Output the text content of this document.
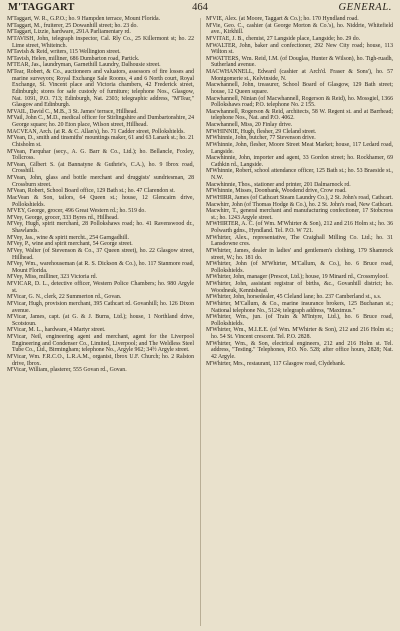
M'TAGGART	464	GENERAL.

M'Taggart, W. R., G.P.O.; ho. 9 Hampden terrace, Mount Florida.

M'Taggart, M., fruiterer, 25 Dowanhill street; ho. 23 do.

M'Taggart, Lizzie, hardware, 291A Parliamentary rd.

M'TAVISH, John, telegraph inspector, Cal. Rly Co., 25 Killermont st; ho. 22 Lime street, Whiteinch.

M'Tavish & Reid, writers, 115 Wellington street.

M'Tavish, Helen, milliner, 686 Dumbarton road, Partick.

M'TEAR, Jas., laundryman, Garnethill Laundry, Dalhousie street.

M'Tear, Robert, & Co., auctioneers and valuators, assessors of fire losses and marine surveyors; Royal Exchange Sale Rooms, 4 and 6 North court, Royal Exchange, St. Vincent place and Victoria chambers, 42 Frederick street, Edinburgh; stores for safe custody of furniture; telephone Nos., Glasgow, Nat. 1091, P.O. 713; Edinburgh, Nat. 2303; telegraphic address, "M'Tear," Glasgow and Edinburgh.

M'VAIL, David C., M.B., 3 St. James' terrace, Hillhead.

M'Vail, John C., M.D., medical officer for Stirlingshire and Dumbartonshire, 24 George square; ho. 20 Eton place, Wilson street, Hillhead.

MACVEAN, Arch. (at R. & C. Allan's), ho. 71 Cadder street, Pollokshields.

M'Vean, D., smith and tinsmiths' mountings maker, 61 and 63 Lanark st.; ho. 21 Chisholm st.

M'Vean, Farquhar (secy., A. G. Barr & Co., Ltd.); ho. Bellancle, Foxley, Tollcross.

M'Vean, Gilbert S. (at Bannatyne & Guthrie's, C.A.), ho. 9 Ibrox road, Crosshill.

M'Vean, John, glass and bottle merchant and druggists' sundriesman, 28 Crossburn street.

M'Vean, Robert, School Board office, 129 Bath st.; ho. 47 Clarendon st.

MacVean & Son, tailors, 64 Queen st.; house, 12 Glencairn drive, Pollokshields.

M'VEY, George, grocer, 496 Great Western rd.; ho. 519 do.

M'Vey, George, grocer, 333 Byres rd., Hillhead.

M'Vey, Hugh, spirit merchant, 28 Pollokshaws road; ho. 41 Ravenswood dr., Shawlands.

M'Vey, Jas., wine & spirit mercht., 254 Garngadhill.

M'Vey, P., wine and spirit merchant, 54 George street.

M'Vey, Walter (of Stevenson & Co., 37 Queen street), ho. 22 Glasgow street, Hillhead.

M'Vey, Wm., warehouseman (at R. S. Dickson & Co.), ho. 117 Stanmore road, Mount Florida.

M'Vey, Miss, milliner, 323 Victoria rd.

M'VICAR, D. L., detective officer, Western Police Chambers; ho. 980 Argyle st.

M'Vicar, G. N., clerk, 22 Summerton rd., Govan.

M'Vicar, Hugh, provision merchant, 395 Cathcart rd. Govanhill; ho. 126 Dixon avenue.

M'Vicar, James, capt. (at G. & J. Burns, Ltd.); house, 1 Northland drive, Scotstoun.

M'Vicar, M. L., hardware, 4 Martyr street.

M'Vicar, Neil, engineering agent and merchant, agent for the Liverpool Engineering and Condenser Co., Limited, Liverpool; and The Weldless Steel Tube Co., Ltd., Birmingham; telephone No., Argyle 962; 34½ Argyle street.

M'Vicar, Wm. F.R.C.O., L.R.A.M., organist, Ibrox U.F. Church; ho. 2 Ralston drive, Ibrox.

M'Vicar, William, plasterer, 555 Govan rd., Govan.

M'VIE, Alex. (at Moore, Taggart & Co.); ho. 170 Hyndland road.

M'Vie, Geo. C., cashier (at George Morton & Co.'s), ho. Niddrie, Whitefield ave., Kirkhill.

M'VITAE, J. B., chemist, 27 Langside place, Langside; ho. 29 do.

M'WALTER, John, baker and confectioner, 292 New City road; house, 113 Wilton st.

M'WATTERS, Wm. Reid, I.M. (of Douglas, Hunter & Wilson), ho. Tigh-ruadh, Sutherland avenue.

MACWHANNELL, Edward (cashier at Arch'd. Fraser & Sons'), ho. 57 Montgomerie st., Kelvinside, N.

Macwhannell, John, treasurer, School Board of Glasgow, 129 Bath street; house, 12 Queen square.

Macwhannell, Ninian (of Macwhannell, Rogerson & Reid), ho. Mossgiel, 1366 Pollokshaws road; P.O. telephone No. 2 155.

Macwhannell, Rogerson & Reid, architects, 58 W. Regent st. and at Barrhead; telephone Nos., Nat. and P.O. 4062.

Macwhannell, Miss, 20 Finlay drive.

M'WHINNIE, Hugh, flesher, 29 Cleland street.

M'Whinnie, John, butcher, 77 Stevenson drive.

M'Whinnie, John, flesher, Moore Street Meat Market; house, 117 Ledard road, Langside.

Macwhinnie, John, importer and agent, 33 Gordon street; ho. Rockhamer, 69 Cathkin rd., Langside.

M'Whinnie, Robert, school attendance officer, 125 Bath st.; ho. 53 Braeside st., N.W.

Macwhinnie, Thos., stationer and printer, 201 Dalmarnock rd.

M'Whinnie, Misses, Doonbank, Woodend drive, Crow road.

M'WHIRR, James (of Cathcart Steam Laundry Co.), 2 St. John's road, Cathcart.

Macwhirr, John (of Thomas Hodge & Co.), ho. 2 St. John's road, New Cathcart.

Macwhirr, T., general merchant and manufacturing confectioner, 17 Stobcross st.; ho. 1243 Argyle street.

M'WHIRTER, A. C. (of Wm. M'Whirter & Son), 212 and 216 Holm st.; ho. 36 Polwarth gdns., Hyndland. Tel. P.O. W 721.

M'Whirter, Alex., representative, The Craighall Milling Co. Ltd.; ho. 31 Lansdowne cres.

M'Whirter, James, dealer in ladies' and gentlemen's clothing, 179 Shamrock street, W.; ho. 181 do.

M'Whirter, John (of M'Whirter, M'Callum, & Co.), ho. 6 Bruce road, Pollokshields.

M'Whirter, John, manager (Prescot, Ltd.); house, 19 Minard rd., Crossmyloof.

M'Whirter, John, assistant registrar of births, &c., Govanhill district; ho. Woodneuk, Kennishead.

M'Whirter, John, horsedealer, 45 Cleland lane; ho. 237 Camberland st., s.s.

M'Whirter, M'Callum, & Co., marine insurance brokers, 125 Buchanan st.; National telephone No., 5124; telegraph address, "Maximus."

M'Whirter, Wm., jun. (of Train & M'Intyre, Ltd.), ho. 6 Bruce road, Pollokshields.

M'Whirter, Wm., M.I.E.E. (of Wm. M'Whirter & Son), 212 and 216 Holm st.; ho. 54 St. Vincent crescent. Tel. P.O. 2828.

M'Whirter, Wm., & Son, electrical engineers, 212 and 216 Holm st. Tel. address, "Testing." Telephones, P.O. No. 528; after office hours, 2828; Nat. 42 Argyle.

M'Whirter, Mrs., restaurant, 117 Glasgow road, Clydebank.
